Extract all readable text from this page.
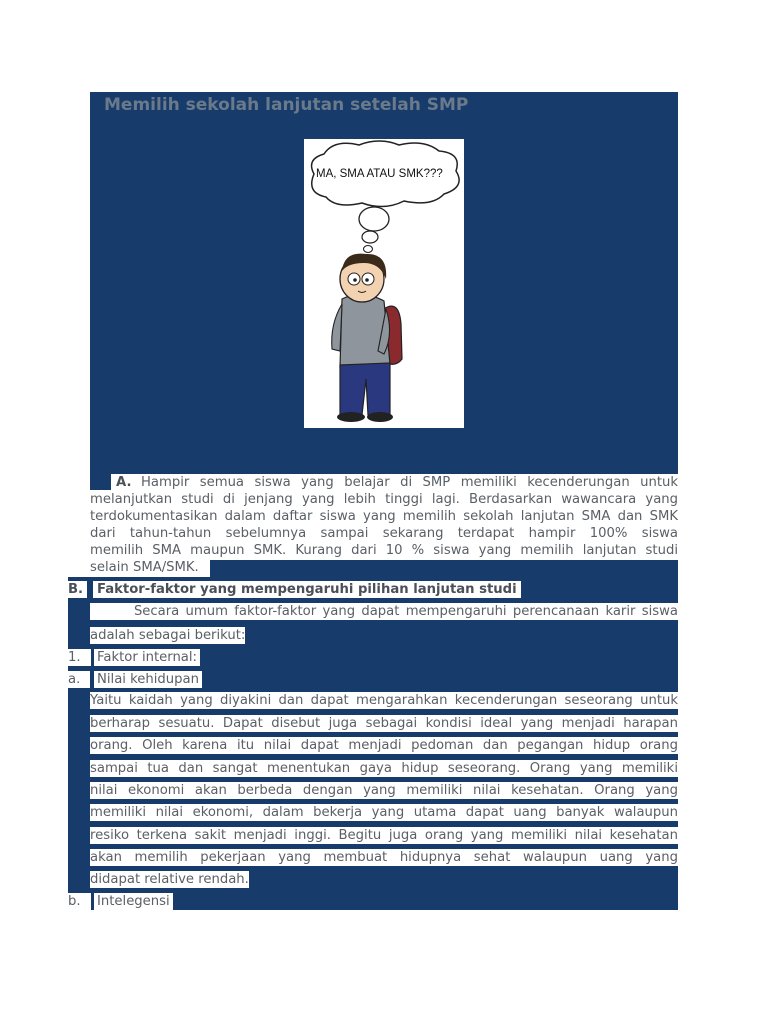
Memilih sekolah lanjutan setelah SMP
MA, SMA ATAU SMK???
A. Hampir semua siswa yang belajar di SMP memiliki kecenderungan untuk
melanjutkan studi di jenjang yang lebih tinggi lagi. Berdasarkan wawancara yang
terdokumentasikan dalam daftar siswa yang memilih sekolah lanjutan SMA dan SMK
dari tahun-tahun sebelumnya sampai sekarang terdapat hampir 100% siswa
memilih SMA maupun SMK. Kurang dari 10 % siswa yang memilih lanjutan studi
selain SMA/SMK.
B.	Faktor-faktor yang mempengaruhi pilihan lanjutan studi
Secara umum faktor-faktor yang dapat mempengaruhi perencanaan karir siswa
adalah sebagai berikut:
1.	Faktor internal:
a.	Nilai kehidupan
Yaitu kaidah yang diyakini dan dapat mengarahkan kecenderungan seseorang untuk
berharap sesuatu. Dapat disebut juga sebagai kondisi ideal yang menjadi harapan
orang. Oleh karena itu nilai dapat menjadi pedoman dan pegangan hidup orang
sampai tua dan sangat menentukan gaya hidup seseorang. Orang yang memiliki
nilai ekonomi akan berbeda dengan yang memiliki nilai kesehatan. Orang yang
memiliki nilai ekonomi, dalam bekerja yang utama dapat uang banyak walaupun
resiko terkena sakit menjadi inggi. Begitu juga orang yang memiliki nilai kesehatan
akan memilih pekerjaan yang membuat hidupnya sehat walaupun uang yang
didapat relative rendah.
b.	Intelegensi
